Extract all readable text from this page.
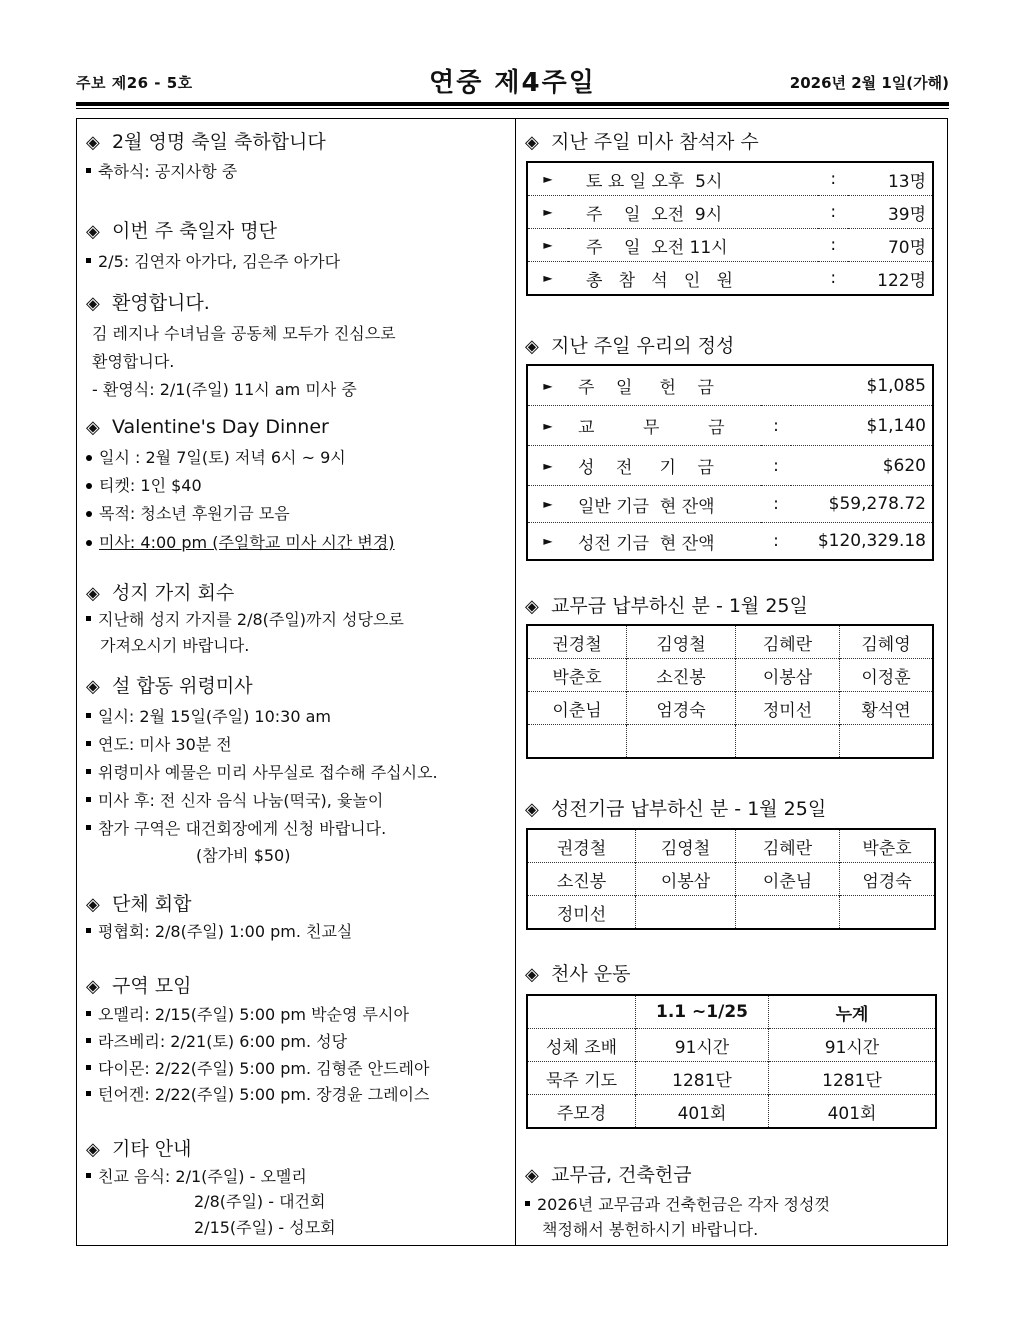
주보 제26 - 5호	연중 제4주일	2026년 2월 1일(가해)
◈ 2월 영명 축일 축하합니다
축하식: 공지사항 중
◈ 이번 주 축일자 명단
2/5: 김연자 아가다, 김은주 아가다
◈ 환영합니다.
김 레지나 수녀님을 공동체 모두가 진심으로
환영합니다.
- 환영식: 2/1(주일) 11시 am 미사 중
◈ Valentine's Day Dinner
일시 : 2월 7일(토) 저녁 6시 ~ 9시
티켓: 1인 $40
목적: 청소년 후원기금 모음
미사: 4:00 pm (주일학교 미사 시간 변경)
◈ 성지 가지 회수
지난해 성지 가지를 2/8(주일)까지 성당으로
가져오시기 바랍니다.
◈ 설 합동 위령미사
일시: 2월 15일(주일) 10:30 am
연도: 미사 30분 전
위령미사 예물은 미리 사무실로 접수해 주십시오.
미사 후: 전 신자 음식 나눔(떡국), 윷놀이
참가 구역은 대건회장에게 신청 바랍니다.
(참가비 $50)
◈ 단체 회합
평협회: 2/8(주일) 1:00 pm. 친교실
◈ 구역 모임
오멜리: 2/15(주일) 5:00 pm 박순영 루시아
라즈베리: 2/21(토) 6:00 pm. 성당
다이몬: 2/22(주일) 5:00 pm. 김형준 안드레아
턴어겐: 2/22(주일) 5:00 pm. 장경윤 그레이스
◈ 기타 안내
친교 음식: 2/1(주일) - 오멜리
2/8(주일) - 대건회
2/15(주일) - 성모회
◈ 지난 주일 미사 참석자 수
►	토 요 일 오후  5시	:	13명
►	주    일  오전  9시	:	39명
►	주    일  오전 11시	:	70명
►	총   참   석   인   원	:	122명
◈ 지난 주일 우리의 정성
►	주    일     헌    금		$1,085
►	교         무         금	:	$1,140
►	성    전     기    금	:	$620
►	일반 기금  현 잔액	:	$59,278.72
►	성전 기금  현 잔액	:	$120,329.18
◈ 교무금 납부하신 분 - 1월 25일
권경철	김영철	김혜란	김혜영
박춘호	소진봉	이봉삼	이정훈
이춘님	엄경숙	정미선	황석연

◈ 성전기금 납부하신 분 - 1월 25일
권경철	김영철	김혜란	박춘호
소진봉	이봉삼	이춘님	엄경숙
정미선			
◈ 천사 운동
	1.1 ~1/25	누계
성체 조배	91시간	91시간
묵주 기도	1281단	1281단
주모경	401회	401회
◈ 교무금, 건축헌금
2026년 교무금과 건축헌금은 각자 정성껏
책정해서 봉헌하시기 바랍니다.
